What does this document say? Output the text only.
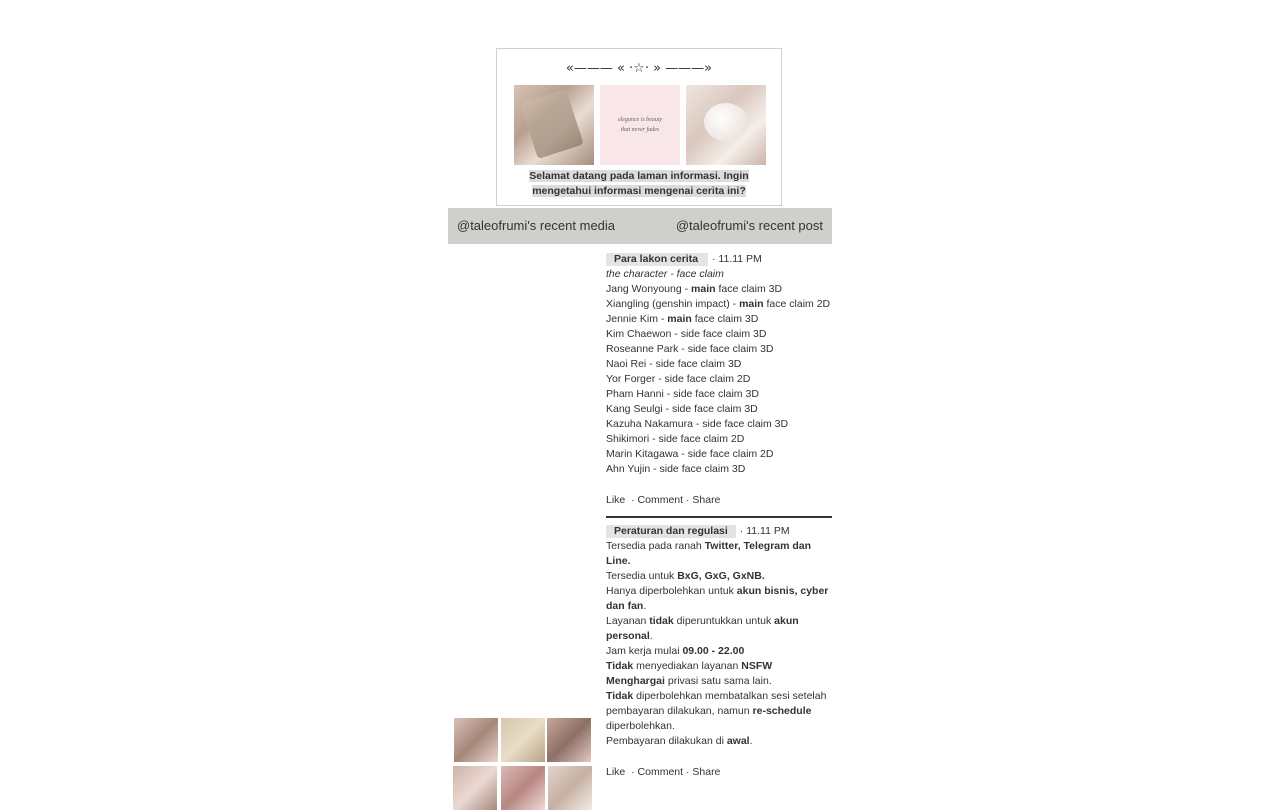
«——— « ·☆· » ———»
elegance is beauty
that never fades
Selamat datang pada laman informasi. Ingin mengetahui informasi mengenai cerita ini?
@taleofrumi's recent media	@taleofrumi's recent post
Para lakon cerita · 11.11 PM
the character - face claim
Jang Wonyoung - main face claim 3D
Xiangling (genshin impact) - main face claim 2D
Jennie Kim - main face claim 3D
Kim Chaewon - side face claim 3D
Roseanne Park - side face claim 3D
Naoi Rei - side face claim 3D
Yor Forger - side face claim 2D
Pham Hanni - side face claim 3D
Kang Seulgi - side face claim 3D
Kazuha Nakamura - side face claim 3D
Shikimori - side face claim 2D
Marin Kitagawa - side face claim 2D
Ahn Yujin - side face claim 3D
Like · Comment · Share
Peraturan dan regulasi · 11.11 PM
Tersedia pada ranah Twitter, Telegram dan Line.
Tersedia untuk BxG, GxG, GxNB.
Hanya diperbolehkan untuk akun bisnis, cyber dan fan.
Layanan tidak diperuntukkan untuk akun personal.
Jam kerja mulai 09.00 - 22.00
Tidak menyediakan layanan NSFW
Menghargai privasi satu sama lain.
Tidak diperbolehkan membatalkan sesi setelah pembayaran dilakukan, namun re-schedule diperbolehkan.
Pembayaran dilakukan di awal.
Like · Comment · Share
